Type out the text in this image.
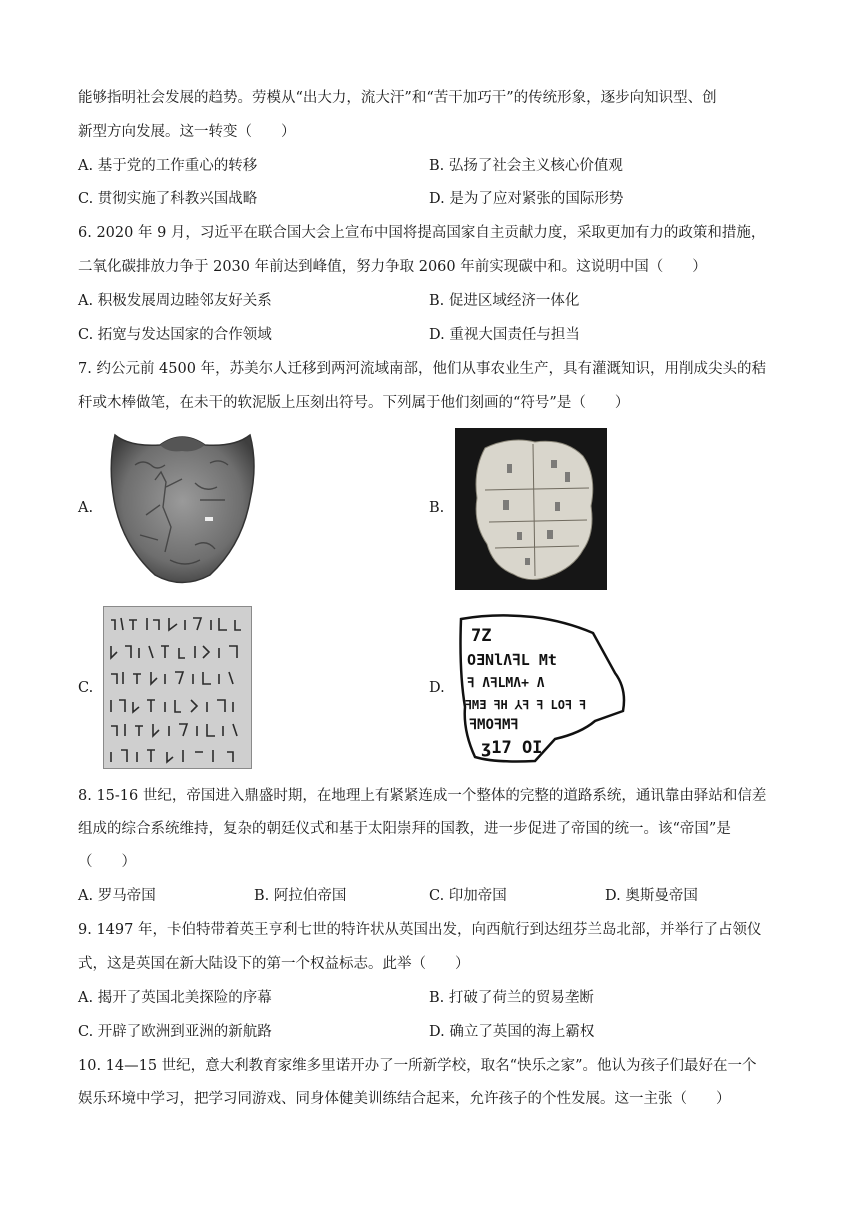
能够指明社会发展的趋势。劳模从“出大力，流大汗”和“苦干加巧干”的传统形象，逐步向知识型、创
新型方向发展。这一转变（　　）
A. 基于党的工作重心的转移	B. 弘扬了社会主义核心价值观
C. 贯彻实施了科教兴国战略	D. 是为了应对紧张的国际形势
6. 2020 年 9 月，习近平在联合国大会上宣布中国将提高国家自主贡献力度，采取更加有力的政策和措施，
二氧化碳排放力争于 2030 年前达到峰值，努力争取 2060 年前实现碳中和。这说明中国（　　）
A. 积极发展周边睦邻友好关系	B. 促进区域经济一体化
C. 拓宽与发达国家的合作领域	D. 重视大国责任与担当
7. 约公元前 4500 年，苏美尔人迁移到两河流域南部，他们从事农业生产，具有灌溉知识，用削成尖头的秸
秆或木棒做笔，在未干的软泥版上压刻出符号。下列属于他们刻画的“符号”是（　　）
A.	B.
C.	D.
7Z
OƎNlɅꟻL Mt
ꟻ ɅꟻLMɅ+ Ʌ
ꟻMƎ ꟻH ⅄ꟻ ꟻ LOꟻ ꟻ
ꟻMOꟻMꟻ
ʒ17 OI
8. 15-16 世纪，帝国进入鼎盛时期，在地理上有紧紧连成一个整体的完整的道路系统，通讯靠由驿站和信差
组成的综合系统维持，复杂的朝廷仪式和基于太阳崇拜的国教，进一步促进了帝国的统一。该“帝国”是
（　　）
A. 罗马帝国	B. 阿拉伯帝国	C. 印加帝国	D. 奥斯曼帝国
9. 1497 年，卡伯特带着英王亨利七世的特许状从英国出发，向西航行到达纽芬兰岛北部，并举行了占领仪
式，这是英国在新大陆设下的第一个权益标志。此举（　　）
A. 揭开了英国北美探险的序幕	B. 打破了荷兰的贸易垄断
C. 开辟了欧洲到亚洲的新航路	D. 确立了英国的海上霸权
10. 14—15 世纪，意大利教育家维多里诺开办了一所新学校，取名“快乐之家”。他认为孩子们最好在一个
娱乐环境中学习，把学习同游戏、同身体健美训练结合起来，允许孩子的个性发展。这一主张（　　）
